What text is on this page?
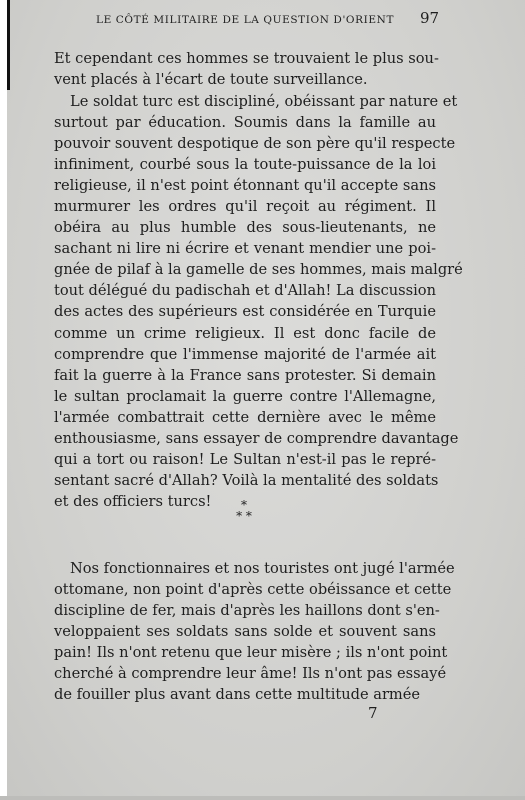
LE CÔTÉ MILITAIRE DE LA QUESTION D'ORIENT	97
Et cependant ces hommes se trouvaient le plus sou-
vent placés à l'écart de toute surveillance.
Le soldat turc est discipliné, obéissant par nature et
surtout par éducation. Soumis dans la famille au
pouvoir souvent despotique de son père qu'il respecte
infiniment, courbé sous la toute-puissance de la loi
religieuse, il n'est point étonnant qu'il accepte sans
murmurer les ordres qu'il reçoit au régiment. Il
obéira au plus humble des sous-lieutenants, ne
sachant ni lire ni écrire et venant mendier une poi-
gnée de pilaf à la gamelle de ses hommes, mais malgré
tout délégué du padischah et d'Allah! La discussion
des actes des supérieurs est considérée en Turquie
comme un crime religieux. Il est donc facile de
comprendre que l'immense majorité de l'armée ait
fait la guerre à la France sans protester. Si demain
le sultan proclamait la guerre contre l'Allemagne,
l'armée combattrait cette dernière avec le même
enthousiasme, sans essayer de comprendre davantage
qui a tort ou raison! Le Sultan n'est-il pas le repré-
sentant sacré d'Allah? Voilà la mentalité des soldats
et des officiers turcs!	*
* *
Nos fonctionnaires et nos touristes ont jugé l'armée
ottomane, non point d'après cette obéissance et cette
discipline de fer, mais d'après les haillons dont s'en-
veloppaient ses soldats sans solde et souvent sans
pain! Ils n'ont retenu que leur misère ; ils n'ont point
cherché à comprendre leur âme! Ils n'ont pas essayé
de fouiller plus avant dans cette multitude armée
7
